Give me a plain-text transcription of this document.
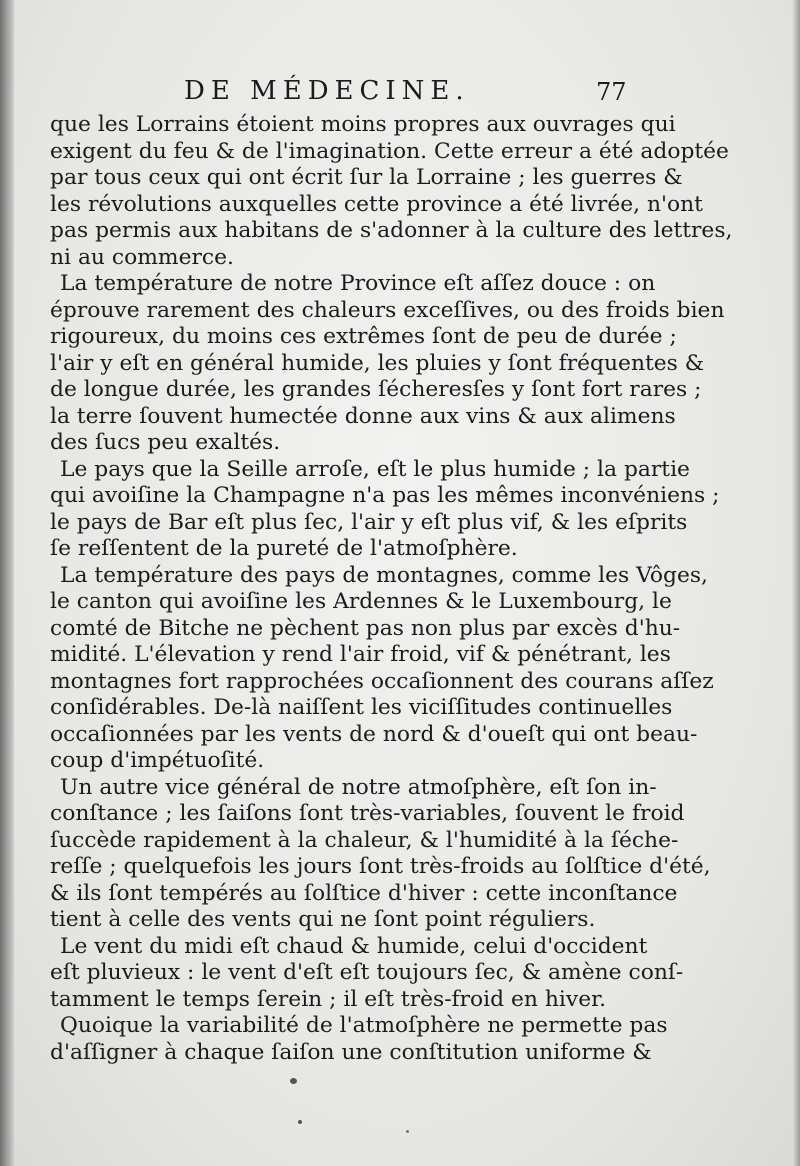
DE MÉDECINE.	77
que les Lorrains étoient moins propres aux ouvrages qui
exigent du feu & de l'imagination. Cette erreur a été adoptée
par tous ceux qui ont écrit ſur la Lorraine ; les guerres &
les révolutions auxquelles cette province a été livrée, n'ont
pas permis aux habitans de s'adonner à la culture des lettres,
ni au commerce.
La température de notre Province eſt aſſez douce : on
éprouve rarement des chaleurs exceſſives, ou des froids bien
rigoureux, du moins ces extrêmes ſont de peu de durée ;
l'air y eſt en général humide, les pluies y ſont fréquentes &
de longue durée, les grandes ſécheresſes y ſont fort rares ;
la terre ſouvent humectée donne aux vins & aux alimens
des ſucs peu exaltés.
Le pays que la Seille arroſe, eſt le plus humide ; la partie
qui avoiſine la Champagne n'a pas les mêmes inconvéniens ;
le pays de Bar eſt plus ſec, l'air y eſt plus vif, & les eſprits
ſe reſſentent de la pureté de l'atmoſphère.
La température des pays de montagnes, comme les Vôges,
le canton qui avoiſine les Ardennes & le Luxembourg, le
comté de Bitche ne pèchent pas non plus par excès d'hu-
midité. L'élevation y rend l'air froid, vif & pénétrant, les
montagnes fort rapprochées occaſionnent des courans aſſez
conſidérables. De-là naiſſent les viciſſitudes continuelles
occaſionnées par les vents de nord & d'oueſt qui ont beau-
coup d'impétuoſité.
Un autre vice général de notre atmoſphère, eſt ſon in-
conſtance ; les ſaiſons ſont très-variables, ſouvent le froid
ſuccède rapidement à la chaleur, & l'humidité à la ſéche-
reſſe ; quelquefois les jours ſont très-froids au ſolſtice d'été,
& ils ſont tempérés au ſolſtice d'hiver : cette inconſtance
tient à celle des vents qui ne ſont point réguliers.
Le vent du midi eſt chaud & humide, celui d'occident
eſt pluvieux : le vent d'eſt eſt toujours ſec, & amène conſ-
tamment le temps ſerein ; il eſt très-froid en hiver.
Quoique la variabilité de l'atmoſphère ne permette pas
d'aſſigner à chaque ſaiſon une conſtitution uniforme &
